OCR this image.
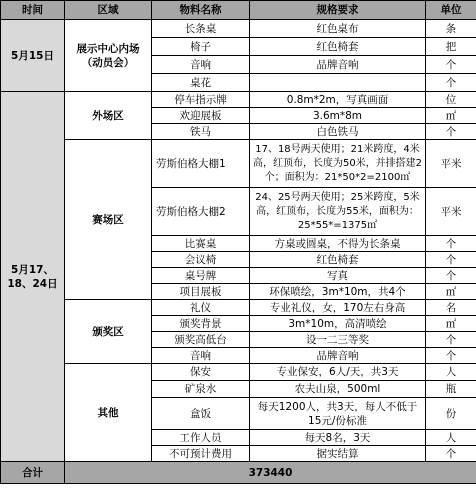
时间	区域	物料名称	规格要求	单位
5月15日	展示中心内场（动员会）	长条桌	红色桌布	条
		椅子	红色椅套	把
		音响	品牌音响	个
		桌花		个
5月17、18、24日	外场区	停车指示牌	0.8m*2m，写真画面	位
		欢迎展板	3.6m*8m	㎡
		铁马	白色铁马	个
	赛场区	劳斯伯格大棚1	17、18号两天使用；21米跨度，4米高，红顶布，长度为50米，并排搭建2个；面积为：21*50*2=2100㎡	平米
		劳斯伯格大棚2	24、25号两天使用；25米跨度，5米高，红顶布，长度为55米，面积为：25*55*=1375㎡	平米
		比赛桌	方桌或圆桌，不得为长条桌	个
		会议椅	红色椅套	个
		桌号牌	写真	个
		项目展板	环保喷绘，3m*10m，共4个	㎡
	颁奖区	礼仪	专业礼仪，女，170左右身高	名
		颁奖背景	3m*10m，高清喷绘	㎡
		颁奖高低台	设一二三等奖	个
		音响	品牌音响	个
	其他	保安	专业保安，6人/天，共3天	人
		矿泉水	农夫山泉，500ml	瓶
		盒饭	每天1200人，共3天，每人不低于15元/份标准	份
		工作人员	每天8名，3天	人
		不可预计费用	据实结算	个
合计	373440			
